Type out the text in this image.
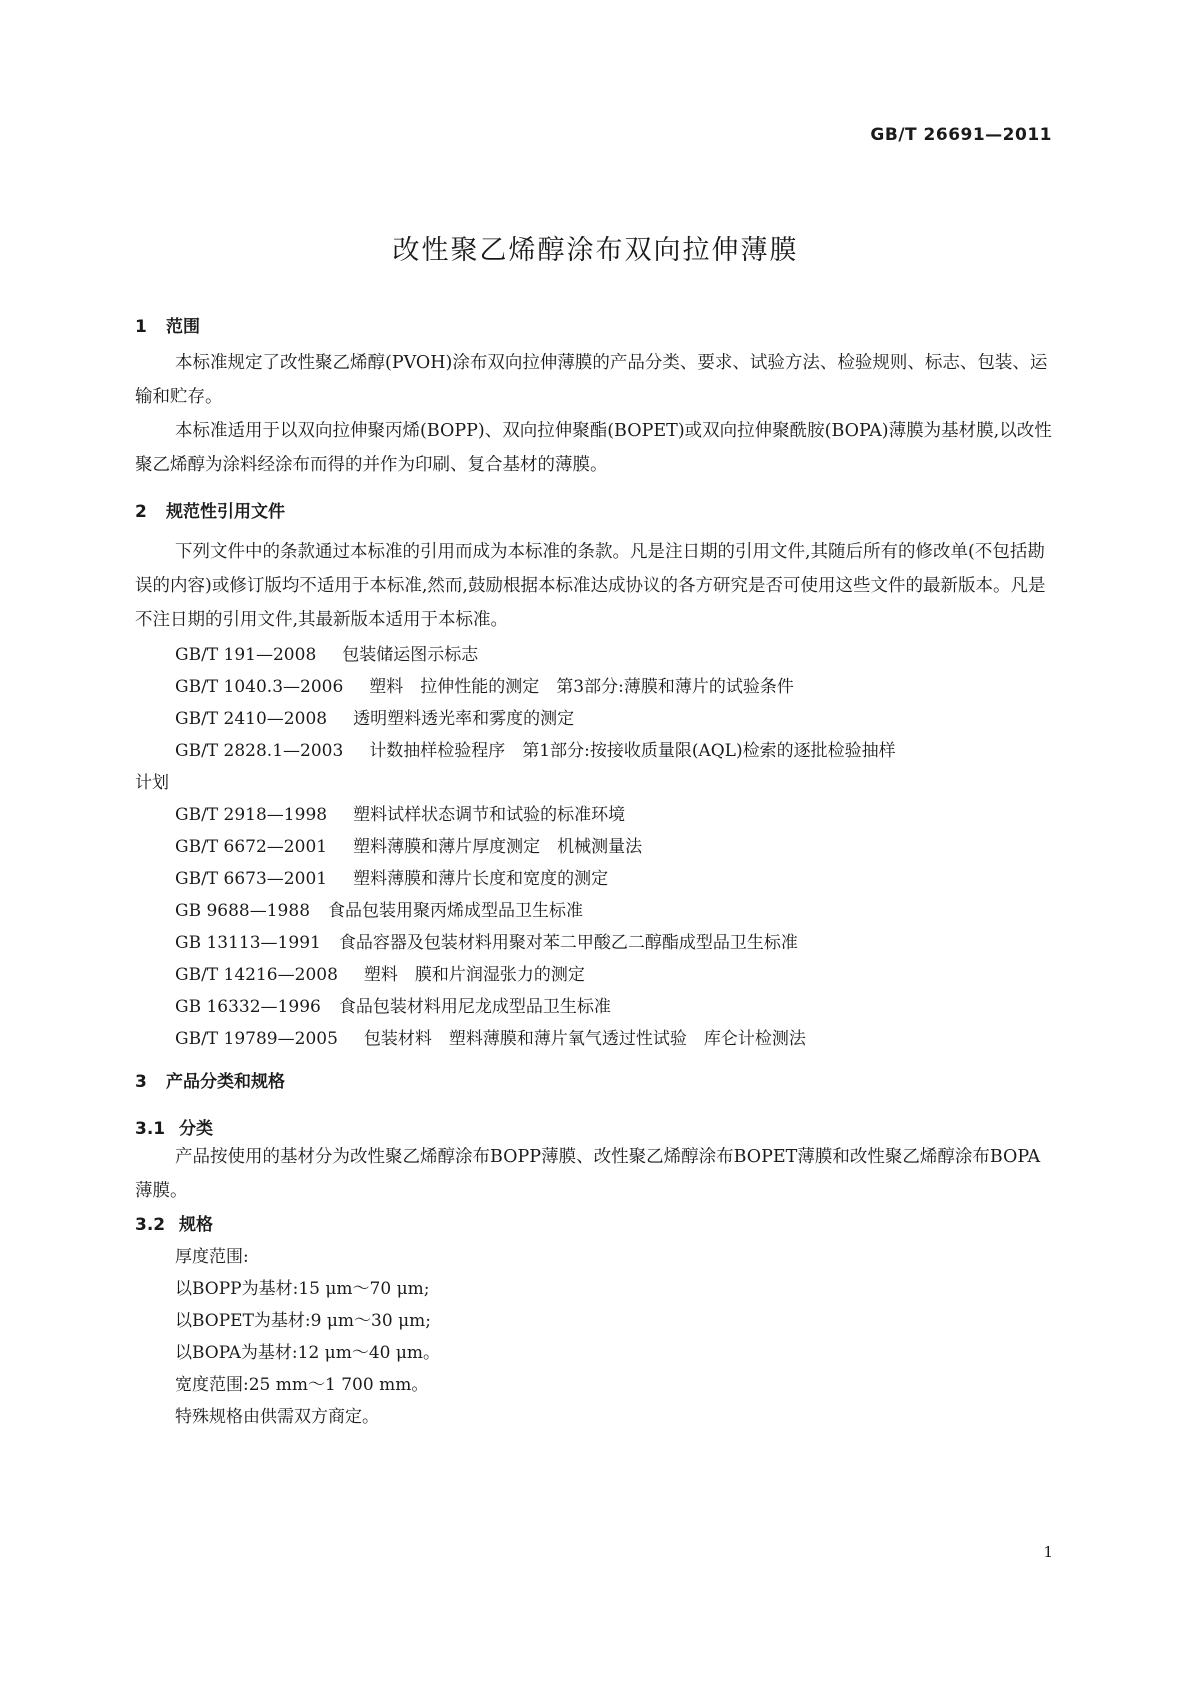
GB/T 26691—2011
改性聚乙烯醇涂布双向拉伸薄膜
1 范围
本标准规定了改性聚乙烯醇(PVOH)涂布双向拉伸薄膜的产品分类、要求、试验方法、检验规则、标志、包装、运输和贮存。
本标准适用于以双向拉伸聚丙烯(BOPP)、双向拉伸聚酯(BOPET)或双向拉伸聚酰胺(BOPA)薄膜为基材膜,以改性聚乙烯醇为涂料经涂布而得的并作为印刷、复合基材的薄膜。
2 规范性引用文件
下列文件中的条款通过本标准的引用而成为本标准的条款。凡是注日期的引用文件,其随后所有的修改单(不包括勘误的内容)或修订版均不适用于本标准,然而,鼓励根据本标准达成协议的各方研究是否可使用这些文件的最新版本。凡是不注日期的引用文件,其最新版本适用于本标准。
GB/T 191—2008 包装储运图示标志
GB/T 1040.3—2006 塑料　拉伸性能的测定　第3部分:薄膜和薄片的试验条件
GB/T 2410—2008 透明塑料透光率和雾度的测定
GB/T 2828.1—2003 计数抽样检验程序　第1部分:按接收质量限(AQL)检索的逐批检验抽样
计划
GB/T 2918—1998 塑料试样状态调节和试验的标准环境
GB/T 6672—2001 塑料薄膜和薄片厚度测定　机械测量法
GB/T 6673—2001 塑料薄膜和薄片长度和宽度的测定
GB 9688—1988 食品包装用聚丙烯成型品卫生标准
GB 13113—1991 食品容器及包装材料用聚对苯二甲酸乙二醇酯成型品卫生标准
GB/T 14216—2008 塑料　膜和片润湿张力的测定
GB 16332—1996 食品包装材料用尼龙成型品卫生标准
GB/T 19789—2005 包装材料　塑料薄膜和薄片氧气透过性试验　库仑计检测法
3 产品分类和规格
3.1 分类
产品按使用的基材分为改性聚乙烯醇涂布BOPP薄膜、改性聚乙烯醇涂布BOPET薄膜和改性聚乙烯醇涂布BOPA薄膜。
3.2 规格
厚度范围:
以BOPP为基材:15 μm～70 μm;
以BOPET为基材:9 μm～30 μm;
以BOPA为基材:12 μm～40 μm。
宽度范围:25 mm～1 700 mm。
特殊规格由供需双方商定。
1
